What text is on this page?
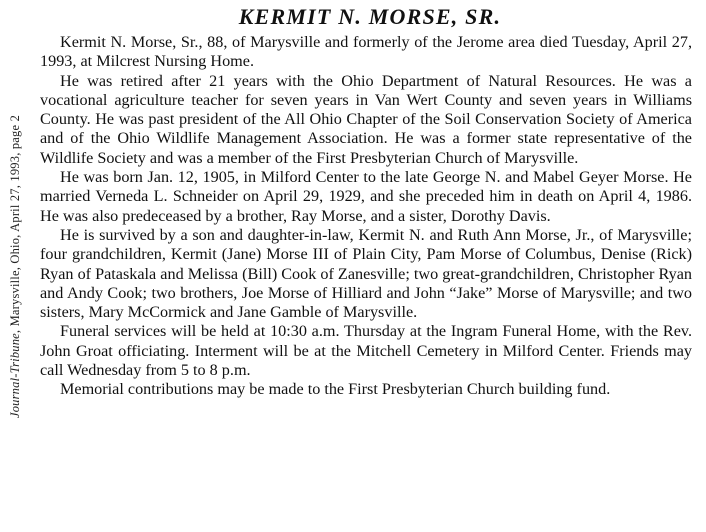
Journal-Tribune, Marysville, Ohio, April 27, 1993, page 2
KERMIT N. MORSE, SR.

Kermit N. Morse, Sr., 88, of Marysville and formerly of the Jerome area died Tuesday, April 27, 1993, at Milcrest Nursing Home.

He was retired after 21 years with the Ohio Department of Natural Resources. He was a vocational agriculture teacher for seven years in Van Wert County and seven years in Williams County. He was past president of the All Ohio Chapter of the Soil Conservation Society of America and of the Ohio Wildlife Management Association. He was a former state representative of the Wildlife Society and was a member of the First Presbyterian Church of Marysville.

He was born Jan. 12, 1905, in Milford Center to the late George N. and Mabel Geyer Morse. He married Verneda L. Schneider on April 29, 1929, and she preceded him in death on April 4, 1986. He was also predeceased by a brother, Ray Morse, and a sister, Dorothy Davis.

He is survived by a son and daughter-in-law, Kermit N. and Ruth Ann Morse, Jr., of Marysville; four grandchildren, Kermit (Jane) Morse III of Plain City, Pam Morse of Columbus, Denise (Rick) Ryan of Pataskala and Melissa (Bill) Cook of Zanesville; two great-grandchildren, Christopher Ryan and Andy Cook; two brothers, Joe Morse of Hilliard and John “Jake” Morse of Marysville; and two sisters, Mary McCormick and Jane Gamble of Marysville.

Funeral services will be held at 10:30 a.m. Thursday at the Ingram Funeral Home, with the Rev. John Groat officiating. Interment will be at the Mitchell Cemetery in Milford Center. Friends may call Wednesday from 5 to 8 p.m.

Memorial contributions may be made to the First Presbyterian Church building fund.
